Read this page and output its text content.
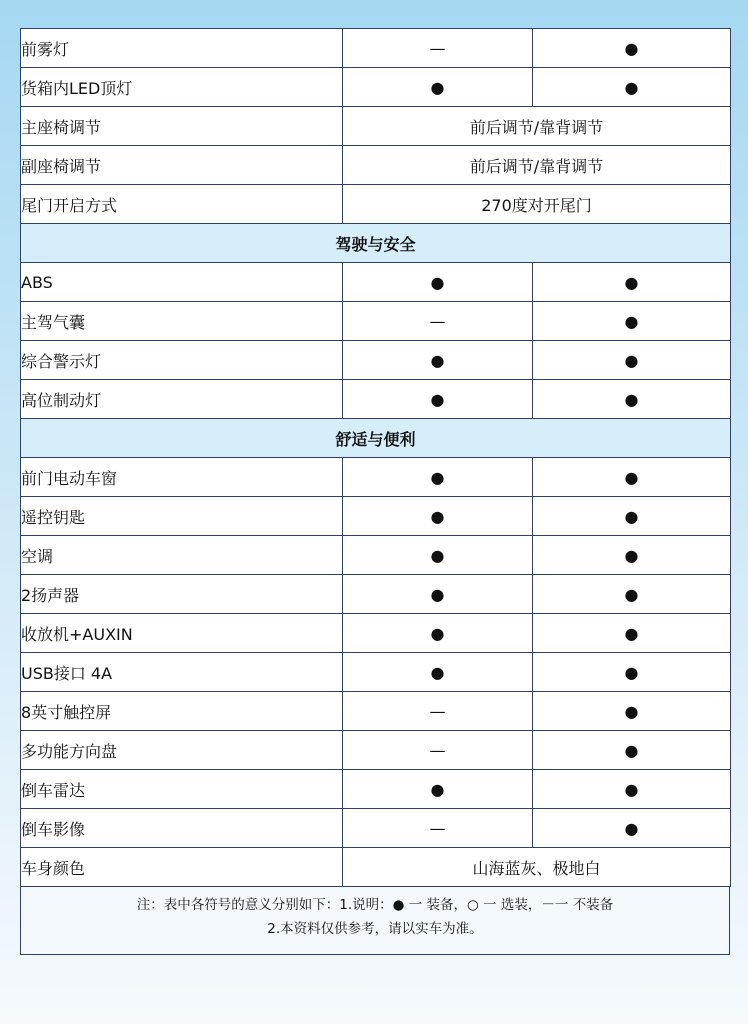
前雾灯	—	●
货箱内LED顶灯	●	●
主座椅调节	前后调节/靠背调节	
副座椅调节	前后调节/靠背调节	
尾门开启方式	270度对开尾门	
驾驶与安全		
ABS	●	●
主驾气囊	—	●
综合警示灯	●	●
高位制动灯	●	●
舒适与便利		
前门电动车窗	●	●
遥控钥匙	●	●
空调	●	●
2扬声器	●	●
收放机+AUXIN	●	●
USB接口 4A	●	●
8英寸触控屏	—	●
多功能方向盘	—	●
倒车雷达	●	●
倒车影像	—	●
车身颜色	山海蓝灰、极地白	
注：表中各符号的意义分别如下：1.说明：● 一 装备，○ 一 选装，－一 不装备
2.本资料仅供参考，请以实车为准。
